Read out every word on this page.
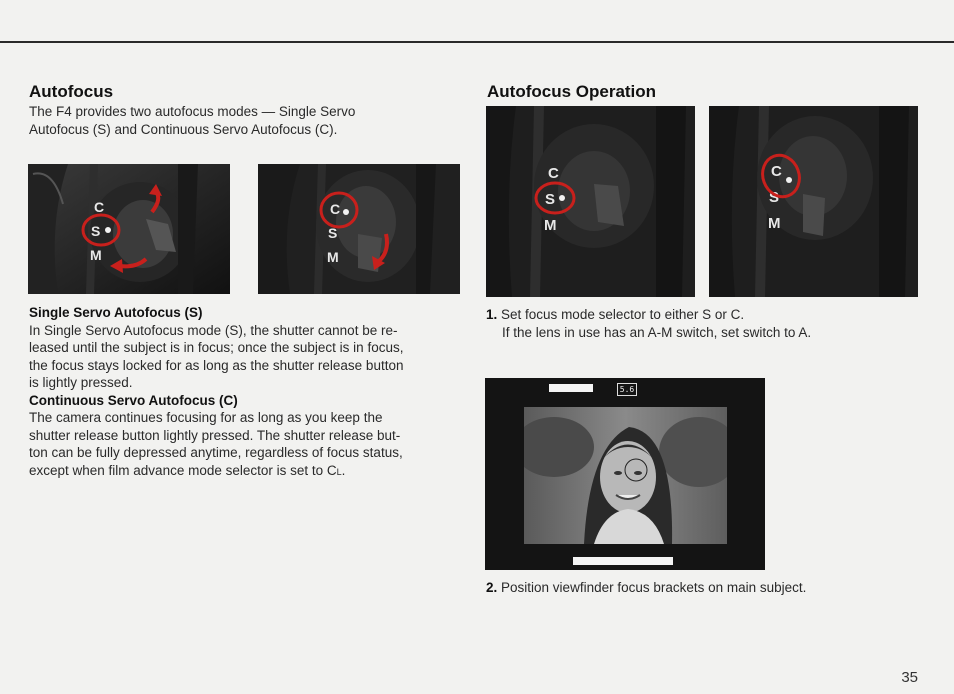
Autofocus
The F4 provides two autofocus modes — Single Servo
Autofocus (S) and Continuous Servo Autofocus (C).
C
S
M
C
S
M
Single Servo Autofocus (S)
In Single Servo Autofocus mode (S), the shutter cannot be re-
leased until the subject is in focus; once the subject is in focus,
the focus stays locked for as long as the shutter release button
is lightly pressed.
Continuous Servo Autofocus (C)
The camera continues focusing for as long as you keep the
shutter release button lightly pressed. The shutter release but-
ton can be fully depressed anytime, regardless of focus status,
except when film advance mode selector is set to CL.
Autofocus Operation
C
S
M
C
S
M
1. Set focus mode selector to either S or C.
If the lens in use has an A-M switch, set switch to A.
5.6
2. Position viewfinder focus brackets on main subject.
35
